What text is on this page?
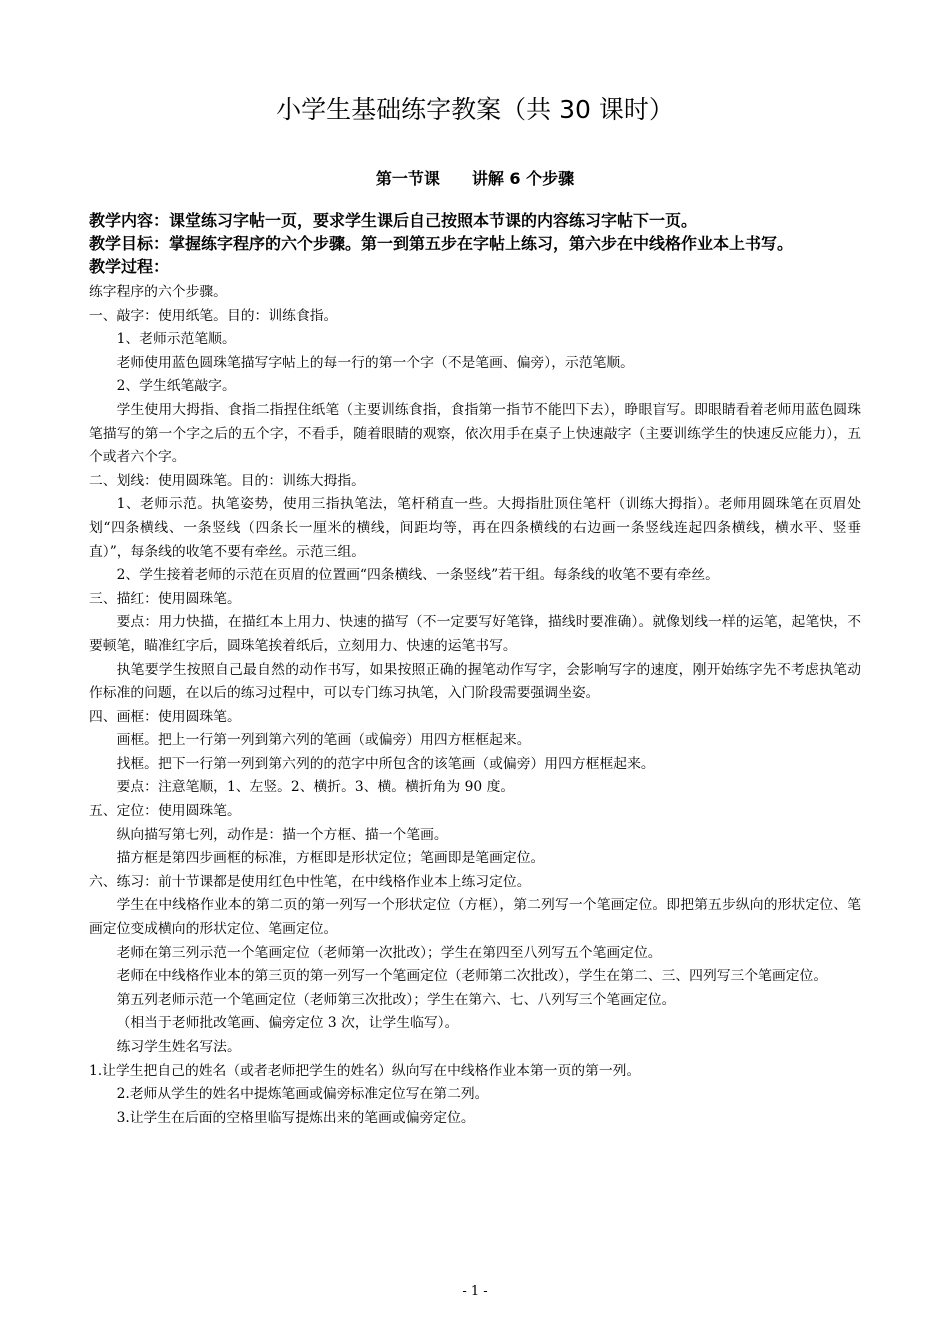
小学生基础练字教案（共 30 课时）
第一节课 讲解 6 个步骤

教学内容：课堂练习字帖一页，要求学生课后自己按照本节课的内容练习字帖下一页。

教学目标：掌握练字程序的六个步骤。第一到第五步在字帖上练习，第六步在中线格作业本上书写。

教学过程：

练字程序的六个步骤。

一、敲字：使用纸笔。目的：训练食指。

1、老师示范笔顺。

老师使用蓝色圆珠笔描写字帖上的每一行的第一个字（不是笔画、偏旁），示范笔顺。

2、学生纸笔敲字。

学生使用大拇指、食指二指捏住纸笔（主要训练食指，食指第一指节不能凹下去），睁眼盲写。即眼睛看着老师用蓝色圆珠笔描写的第一个字之后的五个字，不看手，随着眼睛的观察，依次用手在桌子上快速敲字（主要训练学生的快速反应能力），五个或者六个字。

二、划线：使用圆珠笔。目的：训练大拇指。

1、老师示范。执笔姿势，使用三指执笔法，笔杆稍直一些。大拇指肚顶住笔杆（训练大拇指）。老师用圆珠笔在页眉处划“四条横线、一条竖线（四条长一厘米的横线，间距均等，再在四条横线的右边画一条竖线连起四条横线，横水平、竖垂直）”，每条线的收笔不要有牵丝。示范三组。

2、学生接着老师的示范在页眉的位置画“四条横线、一条竖线”若干组。每条线的收笔不要有牵丝。

三、描红：使用圆珠笔。

要点：用力快描，在描红本上用力、快速的描写（不一定要写好笔锋，描线时要准确）。就像划线一样的运笔，起笔快，不要顿笔，瞄准红字后，圆珠笔挨着纸后，立刻用力、快速的运笔书写。

执笔要学生按照自己最自然的动作书写，如果按照正确的握笔动作写字，会影响写字的速度，刚开始练字先不考虑执笔动作标准的问题，在以后的练习过程中，可以专门练习执笔，入门阶段需要强调坐姿。

四、画框：使用圆珠笔。

画框。把上一行第一列到第六列的笔画（或偏旁）用四方框框起来。

找框。把下一行第一列到第六列的的范字中所包含的该笔画（或偏旁）用四方框框起来。

要点：注意笔顺，1、左竖。2、横折。3、横。横折角为 90 度。

五、定位：使用圆珠笔。

纵向描写第七列，动作是：描一个方框、描一个笔画。

描方框是第四步画框的标准，方框即是形状定位；笔画即是笔画定位。

六、练习：前十节课都是使用红色中性笔，在中线格作业本上练习定位。

学生在中线格作业本的第二页的第一列写一个形状定位（方框），第二列写一个笔画定位。即把第五步纵向的形状定位、笔画定位变成横向的形状定位、笔画定位。

老师在第三列示范一个笔画定位（老师第一次批改）；学生在第四至八列写五个笔画定位。

老师在中线格作业本的第三页的第一列写一个笔画定位（老师第二次批改），学生在第二、三、四列写三个笔画定位。

第五列老师示范一个笔画定位（老师第三次批改）；学生在第六、七、八列写三个笔画定位。

（相当于老师批改笔画、偏旁定位 3 次，让学生临写）。

练习学生姓名写法。

1.让学生把自己的姓名（或者老师把学生的姓名）纵向写在中线格作业本第一页的第一列。

2.老师从学生的姓名中提炼笔画或偏旁标准定位写在第二列。

3.让学生在后面的空格里临写提炼出来的笔画或偏旁定位。

- 1 -
